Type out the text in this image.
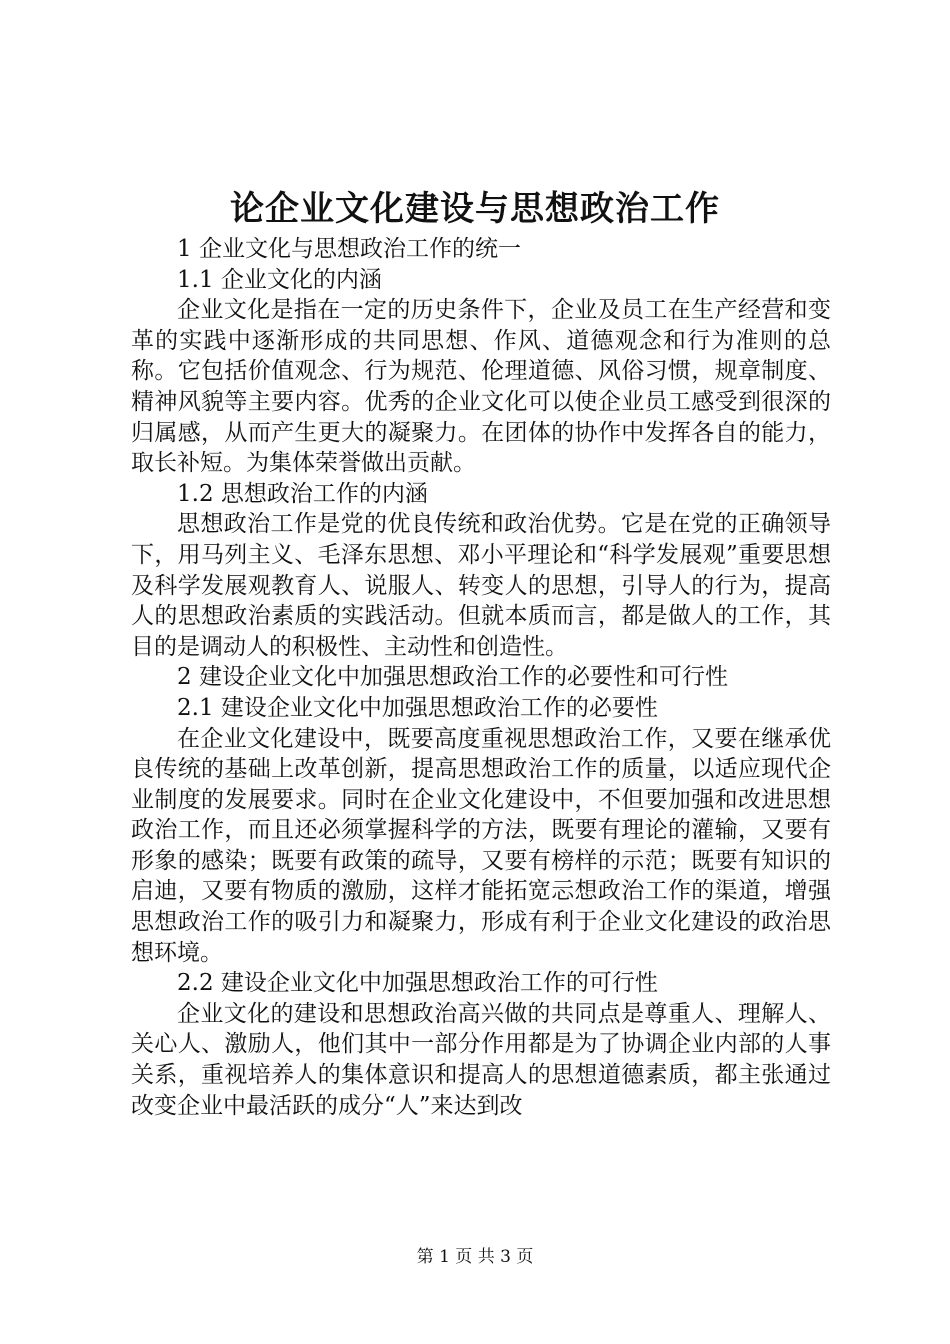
论企业文化建设与思想政治工作

1 企业文化与思想政治工作的统一

1.1 企业文化的内涵

企业文化是指在一定的历史条件下，企业及员工在生产经营和变革的实践中逐渐形成的共同思想、作风、道德观念和行为准则的总称。它包括价值观念、行为规范、伦理道德、风俗习惯，规章制度、精神风貌等主要内容。优秀的企业文化可以使企业员工感受到很深的归属感，从而产生更大的凝聚力。在团体的协作中发挥各自的能力，取长补短。为集体荣誉做出贡献。

1.2 思想政治工作的内涵

思想政治工作是党的优良传统和政治优势。它是在党的正确领导下，用马列主义、毛泽东思想、邓小平理论和“科学发展观”重要思想及科学发展观教育人、说服人、转变人的思想，引导人的行为，提高人的思想政治素质的实践活动。但就本质而言，都是做人的工作，其目的是调动人的积极性、主动性和创造性。

2 建设企业文化中加强思想政治工作的必要性和可行性

2.1 建设企业文化中加强思想政治工作的必要性

在企业文化建设中，既要高度重视思想政治工作，又要在继承优良传统的基础上改革创新，提高思想政治工作的质量，以适应现代企业制度的发展要求。同时在企业文化建设中，不但要加强和改进思想政治工作，而且还必须掌握科学的方法，既要有理论的灌输，又要有形象的感染；既要有政策的疏导，又要有榜样的示范；既要有知识的启迪，又要有物质的激励，这样才能拓宽忈想政治工作的渠道，增强思想政治工作的吸引力和凝聚力，形成有利于企业文化建设的政治思想环境。

2.2 建设企业文化中加强思想政治工作的可行性

企业文化的建设和思想政治高兴做的共同点是尊重人、理解人、关心人、激励人，他们其中一部分作用都是为了协调企业内部的人事关系，重视培养人的集体意识和提高人的思想道德素质，都主张通过改变企业中最活跃的成分“人”来达到改

第 1 页 共 3 页
